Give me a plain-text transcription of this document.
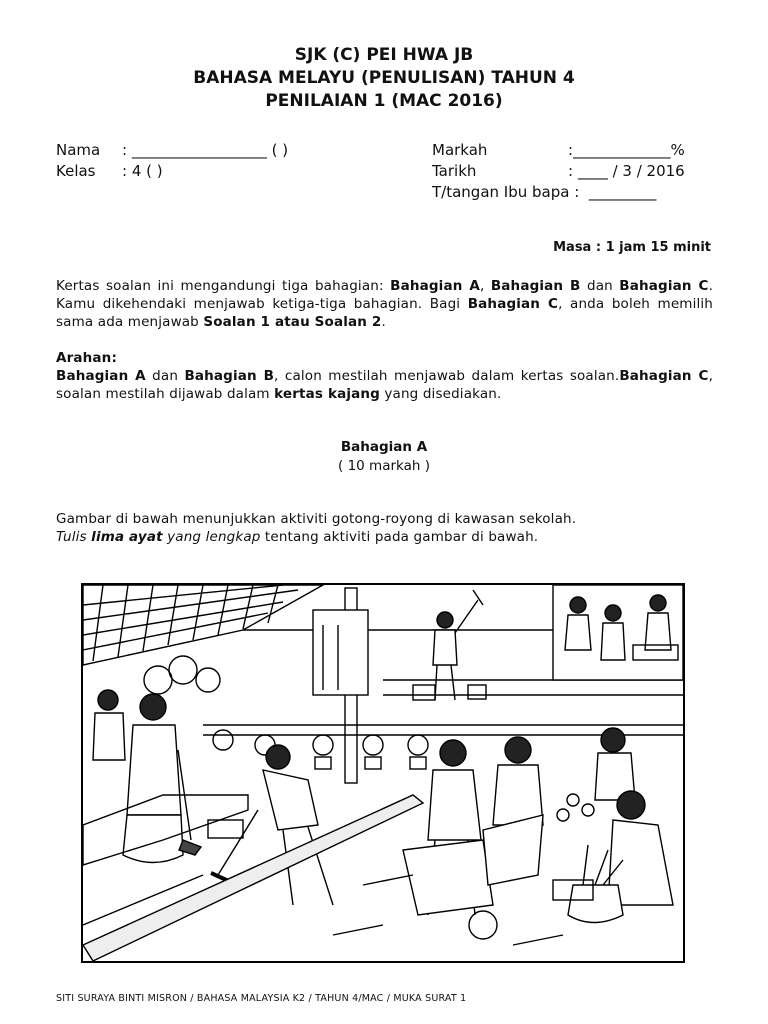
SJK (C) PEI HWA JB
BAHASA MELAYU (PENULISAN) TAHUN 4
PENILAIAN 1 (MAC 2016)
Nama : __________________ ( )
Kelas : 4 ( )
Markah	:_____________%
Tarikh	: ____ / 3 / 2016
T/tangan Ibu bapa : _________
Masa : 1 jam 15 minit
Kertas soalan ini mengandungi tiga bahagian: Bahagian A, Bahagian B dan Bahagian C. Kamu dikehendaki menjawab ketiga-tiga bahagian. Bagi Bahagian C, anda boleh memilih sama ada menjawab Soalan 1 atau Soalan 2.
Arahan:
Bahagian A dan Bahagian B, calon mestilah menjawab dalam kertas soalan.Bahagian C, soalan mestilah dijawab dalam kertas kajang yang disediakan.
Bahagian A
( 10 markah )
Gambar di bawah menunjukkan aktiviti gotong-royong di kawasan sekolah.
Tulis lima ayat yang lengkap tentang aktiviti pada gambar di bawah.
SITI SURAYA BINTI MISRON / BAHASA MALAYSIA K2 / TAHUN 4/MAC / MUKA SURAT 1
